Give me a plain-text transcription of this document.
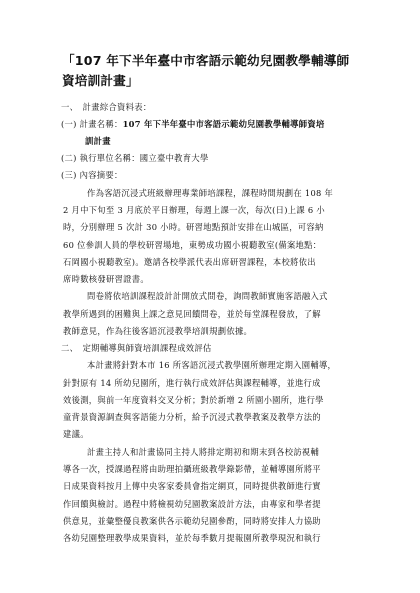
「107 年下半年臺中市客語示範幼兒園教學輔導師資培訓計畫」
一、　計畫綜合資料表：
(一) 計畫名稱：107 年下半年臺中市客語示範幼兒園教學輔導師資培
訓計畫
(二) 執行單位名稱：國立臺中教育大學
(三) 內容摘要：
作為客語沉浸式班級辦理專業師培課程，課程時間規劃在 108 年
2 月中下旬至 3 月底於平日辦理，每週上課一次，每次(日)上課 6 小
時，分別辦理 5 次計 30 小時。研習地點預計安排在山城區，可容納
60 位參訓人員的學校研習場地，東勢成功國小視聽教室(備案地點：
石岡國小視聽教室)。邀請各校學派代表出席研習課程，本校將依出
席時數核發研習證書。
問卷將依培訓課程設計計開放式問卷，詢問教師實施客語融入式
教學所遇到的困難與上課之意見回饋問卷，並於每堂課程發放，了解
教師意見，作為往後客語沉浸教學培訓規劃依據。
二、　定期輔導與師資培訓課程成效評估
本計畫將針對本市 16 所客語沉浸式教學園所辦理定期入園輔導，
針對原有 14 所幼兒園所，進行執行成效評估與課程輔導，並進行成
效後測，與前一年度資料交叉分析；對於新增 2 所園小園所，進行學
童背景資源調查與客語能力分析，給予沉浸式教學教案及教學方法的
建議。
計畫主持人和計畫協同主持人將排定期初和期末到各校訪視輔
導各一次，授課過程將由助理拍攝班級教學錄影帶，並輔導園所將平
日成果資料按月上傳中央客家委員會指定網頁，同時提供教師進行實
作回饋與檢討。過程中將檢視幼兒園教案設計方法，由專家和學者提
供意見，並彙整優良教案供各示範幼兒園參酌，同時將安排人力協助
各幼兒園整理教學成果資料，並於每季數月提報園所教學現況和執行
